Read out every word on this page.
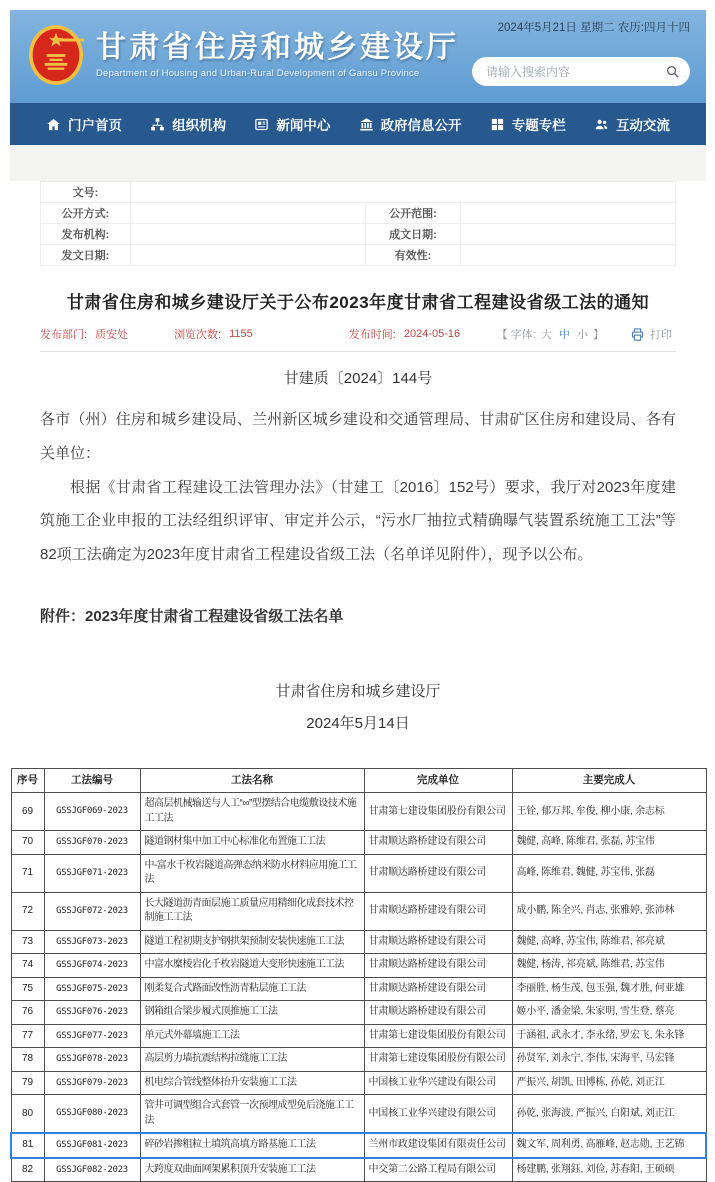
2024年5月21日 星期二 农历:四月十四
甘肃省住房和城乡建设厅
Department of Housing and Urban-Rural Development of Gansu Province
请输入搜索内容
门户首页	组织机构	新闻中心	政府信息公开	专题专栏	互动交流
文号:			
公开方式:		公开范围:	
发布机构:		成文日期:	
发文日期:		有效性:	
甘肃省住房和城乡建设厅关于公布2023年度甘肃省工程建设省级工法的通知
发布部门: 质安处	浏览次数: 1155	发布时间: 2024-05-16	【 字体: 大 中 小 】	打印
甘建质〔2024〕144号

各市（州）住房和城乡建设局、兰州新区城乡建设和交通管理局、甘肃矿区住房和建设局、各有关单位：

根据《甘肃省工程建设工法管理办法》（甘建工〔2016〕152号）要求，我厅对2023年度建筑施工企业申报的工法经组织评审、审定并公示，“污水厂抽拉式精确曝气装置系统施工工法”等82项工法确定为2023年度甘肃省工程建设省级工法（名单详见附件），现予以公布。

附件：2023年度甘肃省工程建设省级工法名单
甘肃省住房和城乡建设厅
2024年5月14日
序号	工法编号	工法名称	完成单位	主要完成人
69	GSSJGF069-2023	超高层机械输送与人工“∞”型摆结合电缆敷设技术施工工法	甘肃第七建设集团股份有限公司	王铨, 郁万邦, 牟俊, 柳小康, 余志标
70	GSSJGF070-2023	隧道钢材集中加工中心标准化布置施工工法	甘肃顺达路桥建设有限公司	魏健, 高峰, 陈维君, 张磊, 苏宝伟
71	GSSJGF071-2023	中-富水千枚岩隧道高弹态纳米防水材料应用施工工法	甘肃顺达路桥建设有限公司	高峰, 陈维君, 魏健, 苏宝伟, 张磊
72	GSSJGF072-2023	长大隧道沥青面层施工质量应用精细化成套技术控制施工工法	甘肃顺达路桥建设有限公司	成小鹏, 陈全兴, 肖志, 张雅婷, 张沛林
73	GSSJGF073-2023	隧道工程初期支护钢拱架预制安装快速施工工法	甘肃顺达路桥建设有限公司	魏健, 高峰, 苏宝伟, 陈维君, 祁亮斌
74	GSSJGF074-2023	中富水糜棱岩化千枚岩隧道大变形快速施工工法	甘肃顺达路桥建设有限公司	魏健, 杨涛, 祁亮斌, 陈维君, 苏宝伟
75	GSSJGF075-2023	刚柔复合式路面改性沥青粘层施工工法	甘肃顺达路桥建设有限公司	李丽胜, 杨生茂, 包玉强, 魏才胜, 何亚雄
76	GSSJGF076-2023	钢箱组合梁步履式顶推施工工法	甘肃顺达路桥建设有限公司	姬小平, 潘金梁, 朱家明, 雪生登, 蔡亮
77	GSSJGF077-2023	单元式外幕墙施工工法	甘肃第七建设集团股份有限公司	于涵祖, 武永才, 李永绪, 罗宏飞, 朱永锋
78	GSSJGF078-2023	高层剪力墙抗震结构拉缝施工工法	甘肃第七建设集团股份有限公司	孙贤军, 刘永宁, 李伟, 宋海平, 马宏锋
79	GSSJGF079-2023	机电综合管线整体抬升安装施工工法	中国核工业华兴建设有限公司	严振兴, 胡凯, 田博栋, 孙乾, 刘正江
80	GSSJGF080-2023	管井可调型组合式套管一次预埋成型免后浇施工工法	中国核工业华兴建设有限公司	孙乾, 张海波, 严振兴, 白阳斌, 刘正江
81	GSSJGF081-2023	碎砂岩掺粗粒土填筑高填方路基施工工法	兰州市政建设集团有限责任公司	魏文军, 周利勇, 高雁峰, 赵志勋, 王艺锦
82	GSSJGF082-2023	大跨度双曲面网架累积顶升安装施工工法	中交第二公路工程局有限公司	杨建鹏, 张翔鈺, 刘俭, 苏春阳, 王硕硕
